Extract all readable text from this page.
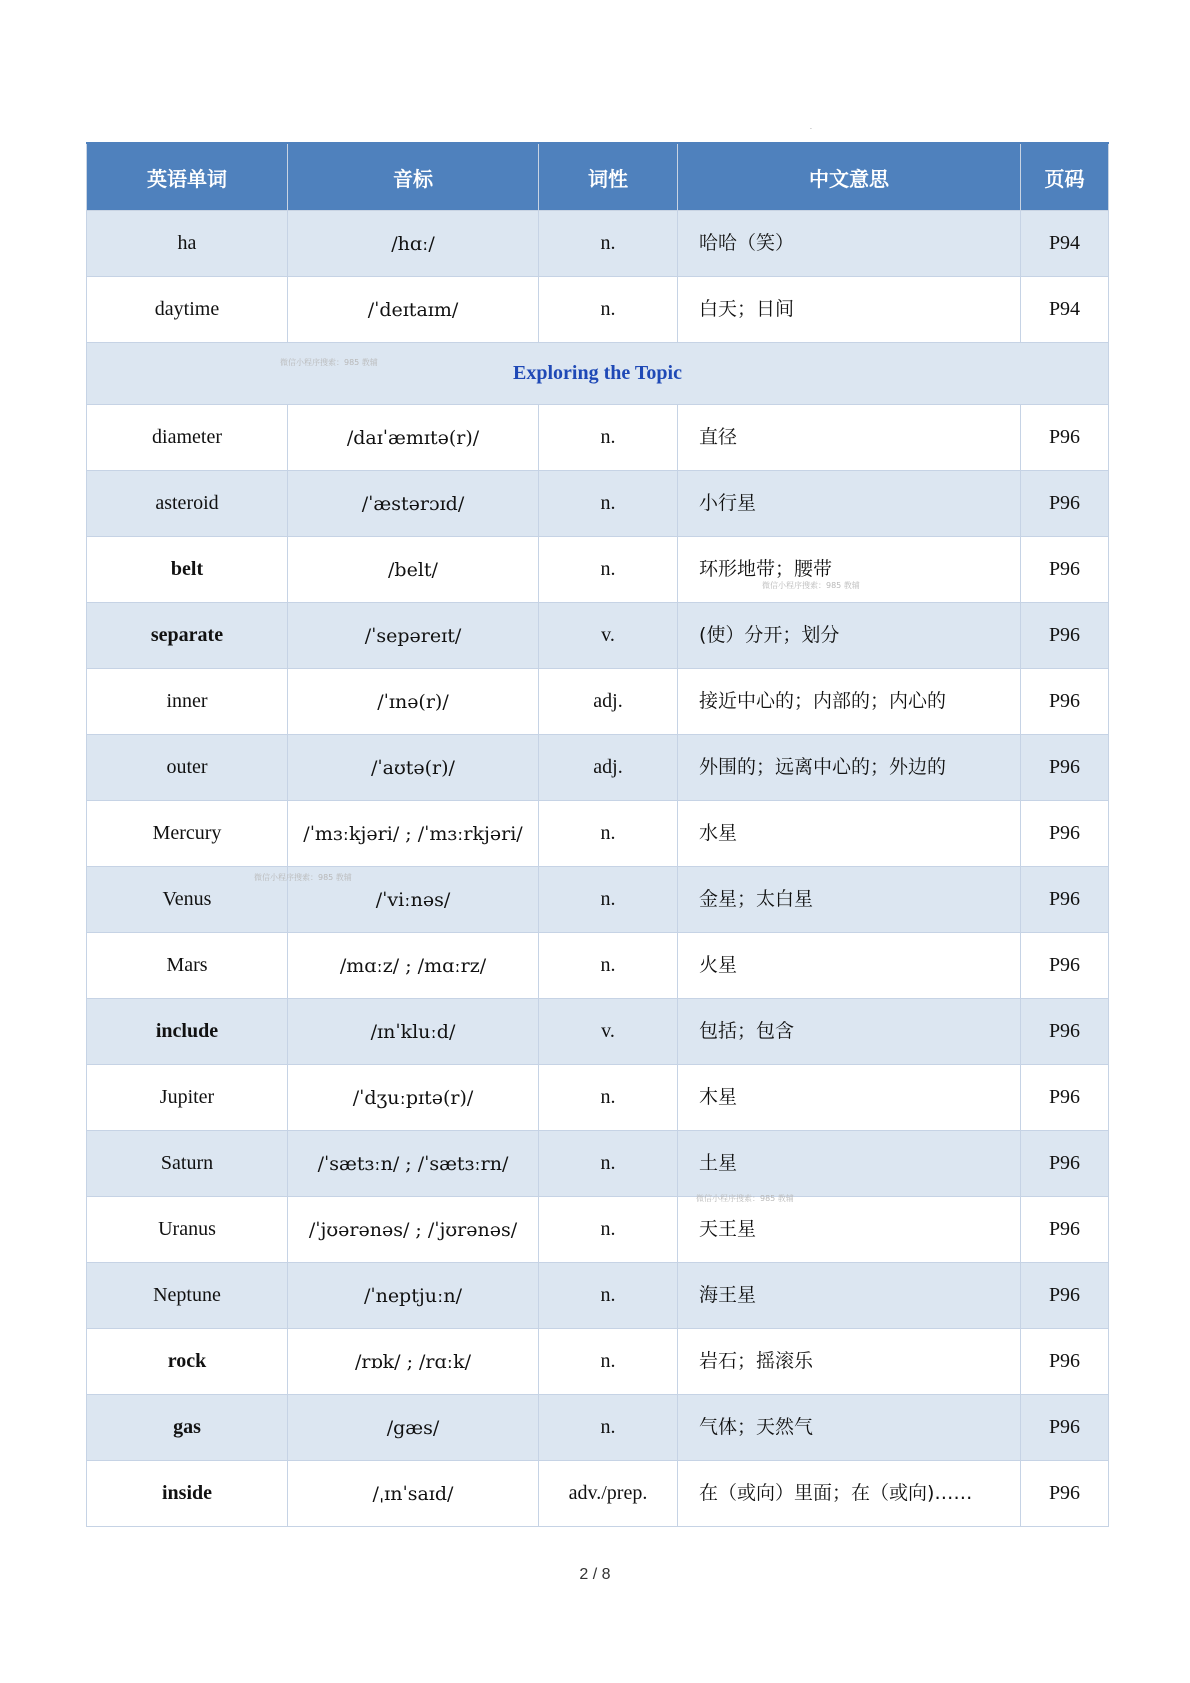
.
英语单词	音标	词性	中文意思	页码
ha	/hɑː/	n.	哈哈（笑）	P94
daytime	/ˈdeɪtaɪm/	n.	白天；日间	P94
Exploring the Topic				
diameter	/daɪˈæmɪtə(r)/	n.	直径	P96
asteroid	/ˈæstərɔɪd/	n.	小行星	P96
belt	/belt/	n.	环形地带；腰带	P96
separate	/ˈsepəreɪt/	v.	(使）分开；划分	P96
inner	/ˈɪnə(r)/	adj.	接近中心的；内部的；内心的	P96
outer	/ˈaʊtə(r)/	adj.	外围的；远离中心的；外边的	P96
Mercury	/ˈmɜːkjəri/ ; /ˈmɜːrkjəri/	n.	水星	P96
Venus	/ˈviːnəs/	n.	金星；太白星	P96
Mars	/mɑːz/ ; /mɑːrz/	n.	火星	P96
include	/ɪnˈkluːd/	v.	包括；包含	P96
Jupiter	/ˈdʒuːpɪtə(r)/	n.	木星	P96
Saturn	/ˈsætɜːn/ ; /ˈsætɜːrn/	n.	土星	P96
Uranus	/ˈjʊərənəs/ ; /ˈjʊrənəs/	n.	天王星	P96
Neptune	/ˈneptjuːn/	n.	海王星	P96
rock	/rɒk/ ; /rɑːk/	n.	岩石；摇滚乐	P96
gas	/gæs/	n.	气体；天然气	P96
inside	/ˌɪnˈsaɪd/	adv./prep.	在（或向）里面；在（或向)……	P96
2 / 8
微信小程序搜索：985 教辅
微信小程序搜索：985 教辅
微信小程序搜索：985 教辅
微信小程序搜索：985 教辅
